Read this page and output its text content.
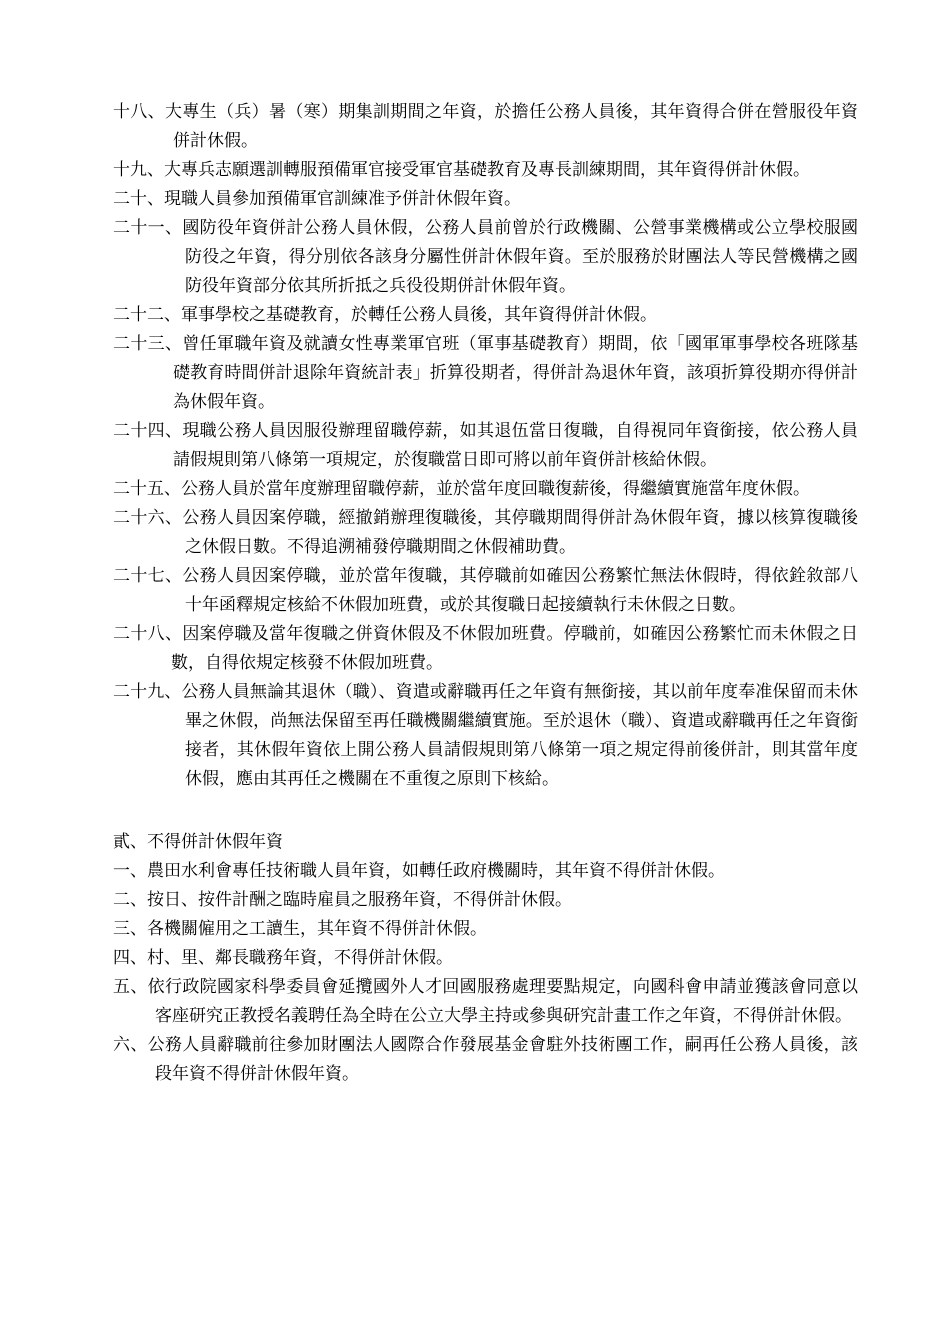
十八、大專生（兵）暑（寒）期集訓期間之年資，於擔任公務人員後，其年資得合併在營服役年資併計休假。

十九、大專兵志願選訓轉服預備軍官接受軍官基礎教育及專長訓練期間，其年資得併計休假。

二十、現職人員參加預備軍官訓練准予併計休假年資。

二十一、國防役年資併計公務人員休假，公務人員前曾於行政機關、公營事業機構或公立學校服國防役之年資，得分別依各該身分屬性併計休假年資。至於服務於財團法人等民營機構之國防役年資部分依其所折抵之兵役役期併計休假年資。

二十二、軍事學校之基礎教育，於轉任公務人員後，其年資得併計休假。

二十三、曾任軍職年資及就讀女性專業軍官班（軍事基礎教育）期間，依「國軍軍事學校各班隊基礎教育時間併計退除年資統計表」折算役期者，得併計為退休年資，該項折算役期亦得併計為休假年資。

二十四、現職公務人員因服役辦理留職停薪，如其退伍當日復職，自得視同年資銜接，依公務人員請假規則第八條第一項規定，於復職當日即可將以前年資併計核給休假。

二十五、公務人員於當年度辦理留職停薪，並於當年度回職復薪後，得繼續實施當年度休假。

二十六、公務人員因案停職，經撤銷辦理復職後，其停職期間得併計為休假年資，據以核算復職後之休假日數。不得追溯補發停職期間之休假補助費。

二十七、公務人員因案停職，並於當年復職，其停職前如確因公務繁忙無法休假時，得依銓敘部八十年函釋規定核給不休假加班費，或於其復職日起接續執行未休假之日數。

二十八、因案停職及當年復職之併資休假及不休假加班費。停職前，如確因公務繁忙而未休假之日數，自得依規定核發不休假加班費。

二十九、公務人員無論其退休（職）、資遣或辭職再任之年資有無銜接，其以前年度奉准保留而未休畢之休假，尚無法保留至再任職機關繼續實施。至於退休（職）、資遣或辭職再任之年資銜接者，其休假年資依上開公務人員請假規則第八條第一項之規定得前後併計，則其當年度休假，應由其再任之機關在不重復之原則下核給。

貳、不得併計休假年資

一、農田水利會專任技術職人員年資，如轉任政府機關時，其年資不得併計休假。

二、按日、按件計酬之臨時雇員之服務年資，不得併計休假。

三、各機關僱用之工讀生，其年資不得併計休假。

四、村、里、鄰長職務年資，不得併計休假。

五、依行政院國家科學委員會延攬國外人才回國服務處理要點規定，向國科會申請並獲該會同意以客座研究正教授名義聘任為全時在公立大學主持或參與研究計畫工作之年資，不得併計休假。

六、公務人員辭職前往參加財團法人國際合作發展基金會駐外技術團工作，嗣再任公務人員後，該段年資不得併計休假年資。
